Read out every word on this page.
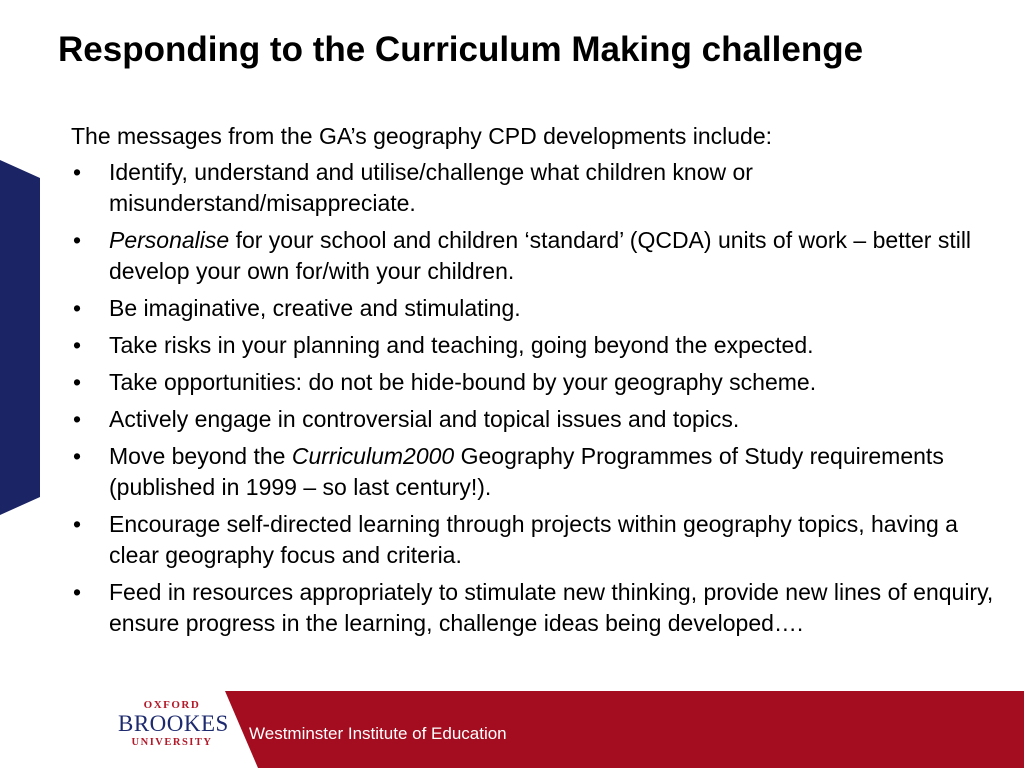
Responding to the Curriculum Making challenge

The messages from the GA’s geography CPD developments include:

• Identify, understand and utilise/challenge what children know or misunderstand/misappreciate.
• Personalise for your school and children ‘standard’ (QCDA) units of work – better still develop your own for/with your children.
• Be imaginative, creative and stimulating.
• Take risks in your planning and teaching, going beyond the expected.
• Take opportunities: do not be hide-bound by your geography scheme.
• Actively engage in controversial and topical issues and topics.
• Move beyond the Curriculum2000 Geography Programmes of Study requirements (published in 1999 – so last century!).
• Encourage self-directed learning through projects within geography topics, having a clear geography focus and criteria.
• Feed in resources appropriately to stimulate new thinking, provide new lines of enquiry, ensure progress in the learning, challenge ideas being developed….
OXFORD
BROOKES
UNIVERSITY	Westminster Institute of Education
